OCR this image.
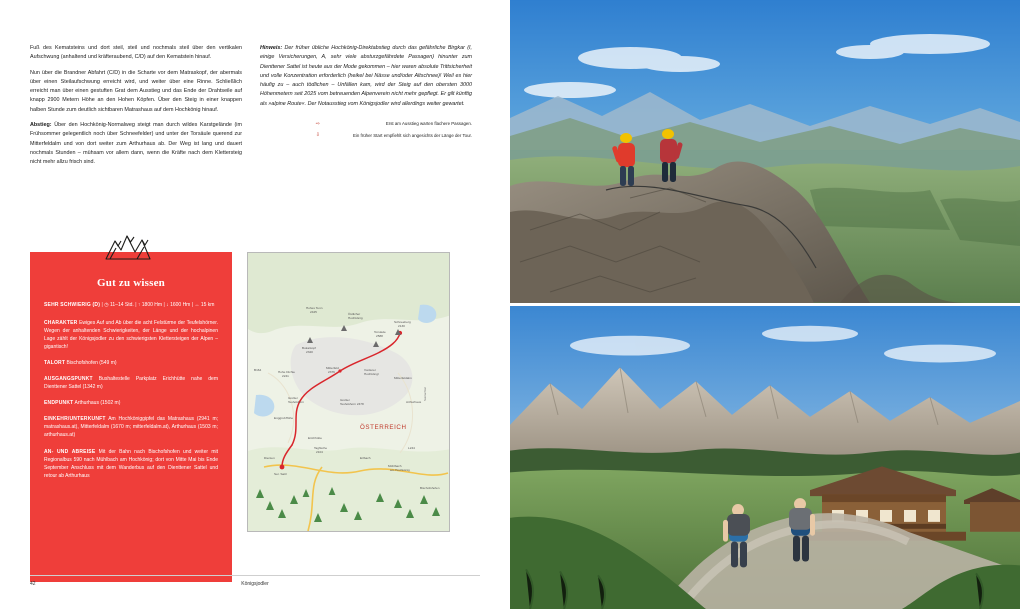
Fuß des Kematsteins und dort steil, steil und nochmals steil über den vertikalen Aufschwung (anhaltend und kräfteraubend, C/D) auf den Kematstein hinauf.

Nun über die Brandner Abfahrt (C/D) in die Scharte vor dem Matraskopf, der abermals über einen Steilaufschwung erreicht wird, und weiter über eine Rinne. Schließlich erreicht man über einen gestuften Grat dem Ausstieg und das Ende der Drahtseile auf knapp 2900 Metern Höhe an den Hohen Köpfen. Über den Steig in einer knappen halben Stunde zum deutlich sichtbaren Matrashaus auf dem Hochkönig hinauf.

Abstieg: Über den Hochkönig-Normalweg steigt man durch wildes Karstgelände (im Frühsommer gelegentlich noch über Schneefelder) und unter der Torsäule querend zur Mitterfeldalm und von dort weiter zum Arthurhaus ab. Der Weg ist lang und dauert nochmals Stunden – mühsam vor allem dann, wenn die Kräfte nach dem Klettersteig nicht mehr allzu frisch sind.

Hinweis: Der früher übliche Hochkönig-Direktabstieg durch das gefährliche Birgkar (I, einige Versicherungen, A, sehr viele absturzgefährdete Passagen) hinunter zum Dienttener Sattel ist heute aus der Mode gekommen – hier waren absolute Trittsicherheit und volle Konzentration erforderlich (heikel bei Nässe und/oder Altschnee)! Weil es hier häufig zu – auch tödlichen – Unfällen kam, wird der Steig auf den obersten 3000 Höhenmetern seit 2025 vom betreuenden Alpenverein nicht mehr gepflegt. Er gilt künftig als »alpine Route«. Der Notausstieg vom Königsjodler wird allerdings weiter gewartet.

⇨	Erst am Ausstieg warten flachere Passagen.
⇩	Ein früher Start empfiehlt sich angesichts der Länge der Tour.
Gut zu wissen
SEHR SCHWIERIG (D) | ◷ 11–14 Std. | ↑ 1800 Hm | ↓ 1600 Hm | ↔ 15 km
CHARAKTER Ewiges Auf und Ab über die acht Felstürme der Teufelshörner. Wegen der anhaltenden Schwierigkeiten, der Länge und der hochalpinen Lage zählt der Königsjodler zu den schwierigsten Klettersteigen der Alpen – gigantisch!
TALORT Bischofshofen (549 m)
AUSGANGSPUNKT Bushaltestelle Parkplatz Erichhütte nahe dem Dienttener Sattel (1342 m)
ENDPUNKT Arthurhaus (1502 m)
EINKEHR/UNTERKUNFT Am Hochköniggipfel das Matrashaus (2941 m; matrashaus.at), Mitterfeldalm (1670 m; mitterfeldalm.at), Arthurhaus (1503 m; arthurhaus.at)
AN- UND ABREISE Mit der Bahn nach Bischofshofen und weiter mit Regionalbus 590 nach Mühlbach am Hochkönig; dort von Mitte Mai bis Ende September Anschluss mit dem Wanderbus auf den Dienttener Sattel und retour ab Arthurhaus
ÖSTERREICH
Hohes Tenn
2425	Östlicher
Hochkönig
Bukarkopf
2320
Torsäule
2588
Schneeberg
2130
Hohe Dichte
2241
Mitterfeld
2376	Vorderer
Hochköngl
Großer
Teufelshorn	Großer
Teufelshorn 2478
Mitterfeldalm
EnggrubHöhe
Arthurhaus
Erichhütte
Dienten
Ser. Sattl
Tagfische
2104
Erlbach
Mühlbach
am Hochkönig
L244
B164
Bischofshofen
Salzachtal
42	Königsjodler
